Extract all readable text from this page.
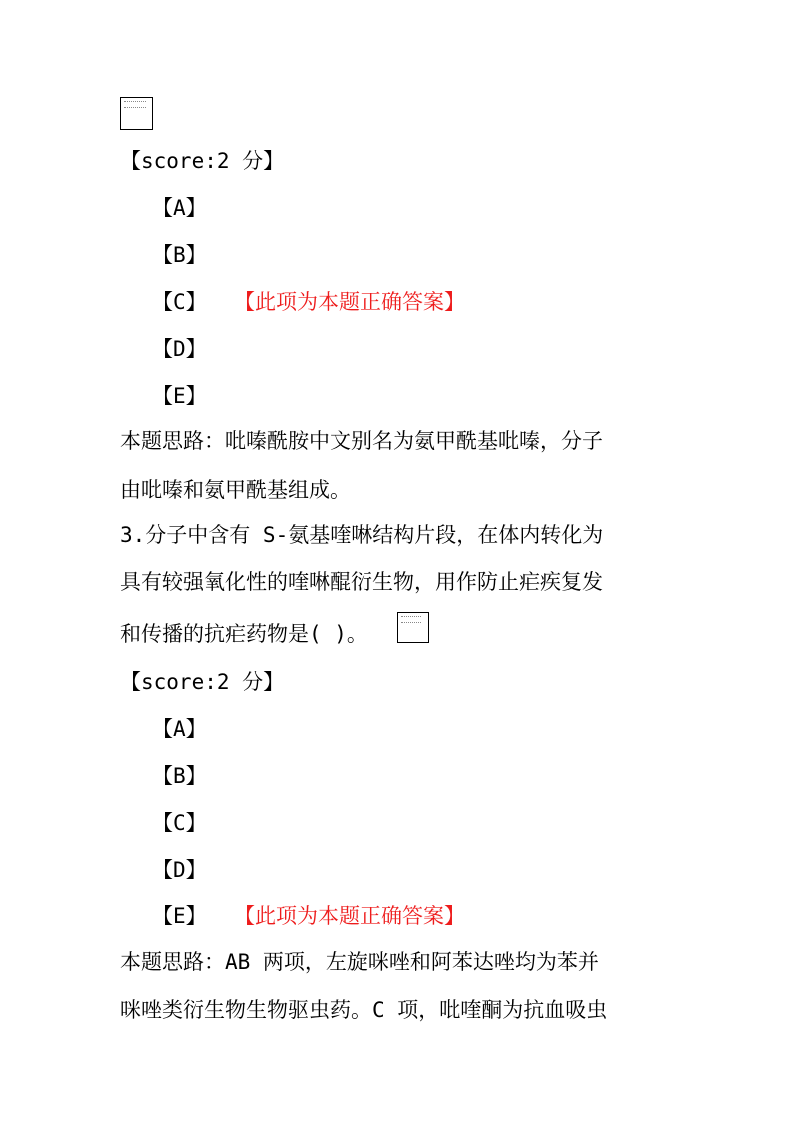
【score:2 分】
【A】
【B】
【C】 【此项为本题正确答案】
【D】
【E】
本题思路：吡嗪酰胺中文别名为氨甲酰基吡嗪，分子
由吡嗪和氨甲酰基组成。
3.分子中含有 S-氨基喹啉结构片段，在体内转化为
具有较强氧化性的喹啉醌衍生物，用作防止疟疾复发
和传播的抗疟药物是( )。
【score:2 分】
【A】
【B】
【C】
【D】
【E】 【此项为本题正确答案】
本题思路：AB 两项，左旋咪唑和阿苯达唑均为苯并
咪唑类衍生物生物驱虫药。C 项，吡喹酮为抗血吸虫
